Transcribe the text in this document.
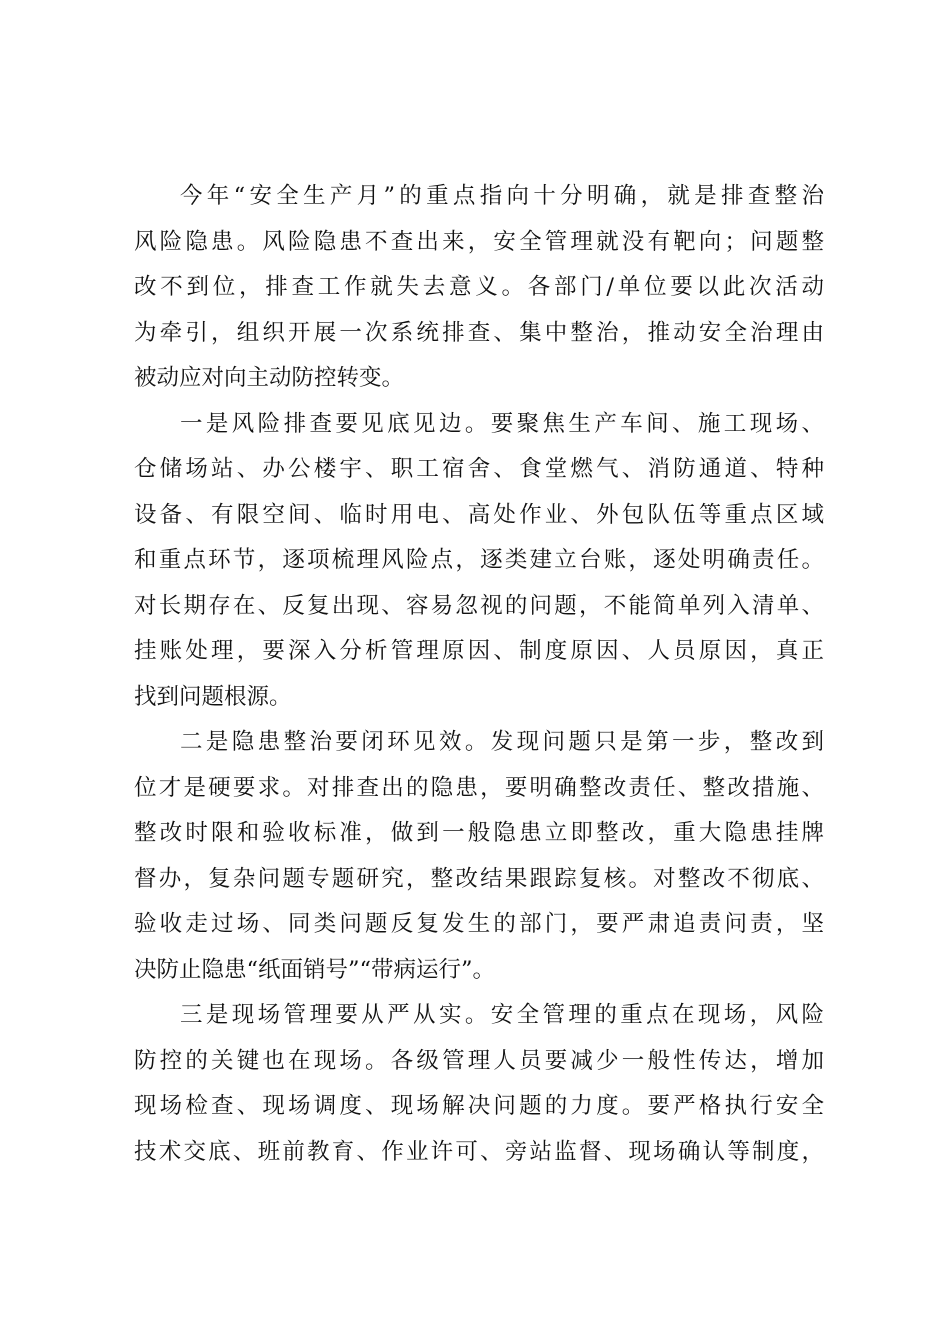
今年“安全生产月”的重点指向十分明确，就是排查整治
风险隐患。风险隐患不查出来，安全管理就没有靶向；问题整
改不到位，排查工作就失去意义。各部门/单位要以此次活动
为牵引，组织开展一次系统排查、集中整治，推动安全治理由
被动应对向主动防控转变。
一是风险排查要见底见边。要聚焦生产车间、施工现场、
仓储场站、办公楼宇、职工宿舍、食堂燃气、消防通道、特种
设备、有限空间、临时用电、高处作业、外包队伍等重点区域
和重点环节，逐项梳理风险点，逐类建立台账，逐处明确责任。
对长期存在、反复出现、容易忽视的问题，不能简单列入清单、
挂账处理，要深入分析管理原因、制度原因、人员原因，真正
找到问题根源。
二是隐患整治要闭环见效。发现问题只是第一步，整改到
位才是硬要求。对排查出的隐患，要明确整改责任、整改措施、
整改时限和验收标准，做到一般隐患立即整改，重大隐患挂牌
督办，复杂问题专题研究，整改结果跟踪复核。对整改不彻底、
验收走过场、同类问题反复发生的部门，要严肃追责问责，坚
决防止隐患“纸面销号”“带病运行”。
三是现场管理要从严从实。安全管理的重点在现场，风险
防控的关键也在现场。各级管理人员要减少一般性传达，增加
现场检查、现场调度、现场解决问题的力度。要严格执行安全
技术交底、班前教育、作业许可、旁站监督、现场确认等制度，
